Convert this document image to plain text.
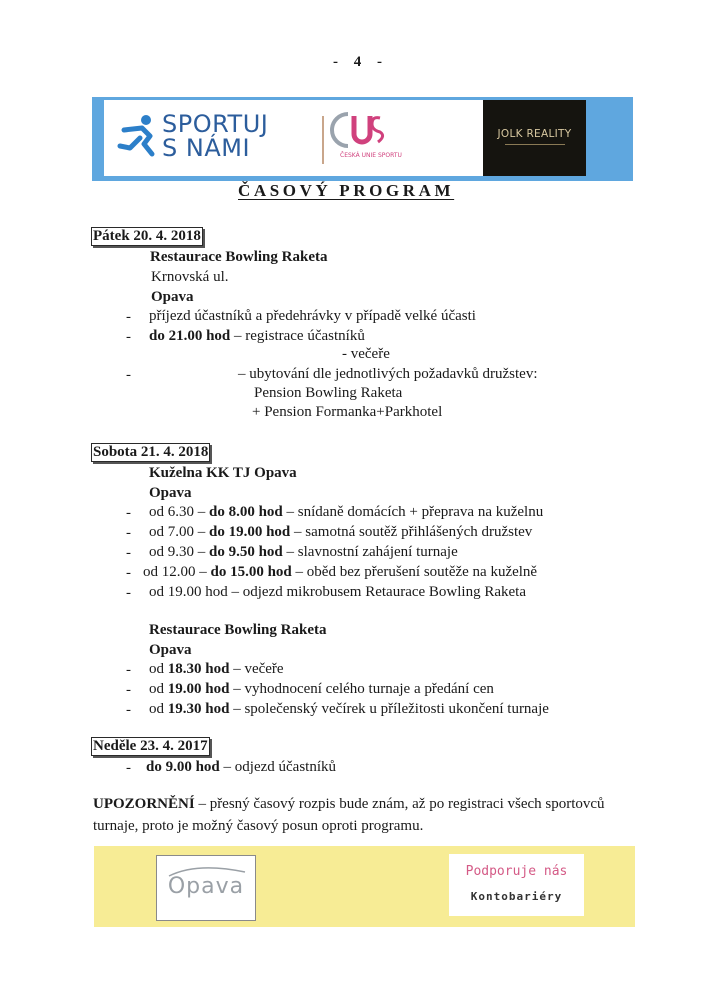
- 4 -
SPORTUJ
S NÁMI	ČESKÁ UNIE SPORTU
JOLK REALITY
ČASOVÝ PROGRAM
Pátek 20. 4. 2018
Restaurace Bowling Raketa
Krnovská ul.
Opava
- příjezd účastníků a předehrávky v případě velké účasti
- do 21.00 hod – registrace účastníků
- večeře
-	– ubytování dle jednotlivých požadavků družstev:
Pension Bowling Raketa
+ Pension Formanka+Parkhotel
Sobota 21. 4. 2018
Kuželna KK TJ Opava
Opava
- od 6.30 – do 8.00 hod – snídaně domácích + přeprava na kuželnu
- od 7.00 – do 19.00 hod – samotná soutěž přihlášených družstev
- od 9.30 – do 9.50 hod – slavnostní zahájení turnaje
- od 12.00 – do 15.00 hod – oběd bez přerušení soutěže na kuželně
- od 19.00 hod – odjezd mikrobusem Retaurace Bowling Raketa
Restaurace Bowling Raketa
Opava
- od 18.30 hod – večeře
- od 19.00 hod – vyhodnocení celého turnaje a předání cen
- od 19.30 hod – společenský večírek u příležitosti ukončení turnaje
Neděle 23. 4. 2017
- do 9.00 hod – odjezd účastníků
UPOZORNĚNÍ – přesný časový rozpis bude znám, až po registraci všech sportovců turnaje, proto je možný časový posun oproti programu.
Opava
Podporuje nás
Kontobariéry
